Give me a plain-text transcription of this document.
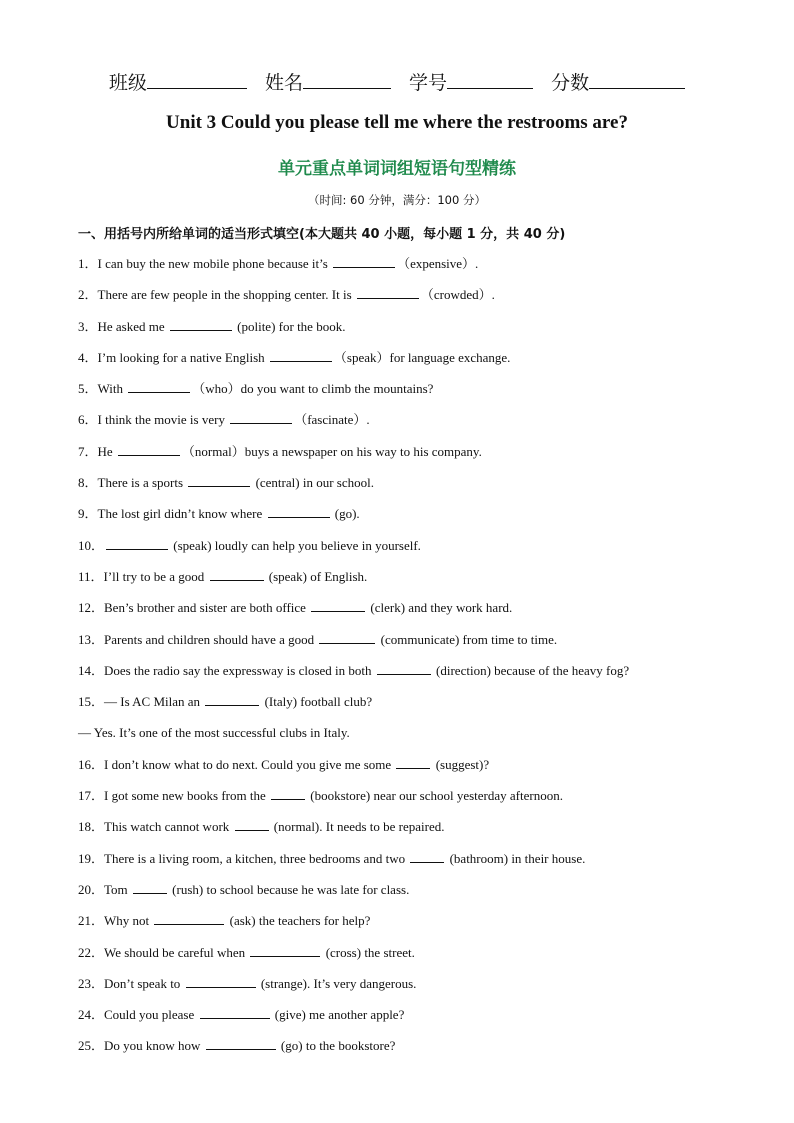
班级	姓名	学号	分数
Unit 3 Could you please tell me where the restrooms are?
单元重点单词词组短语句型精练
（时间: 60 分钟，满分：100 分）
一、用括号内所给单词的适当形式填空(本大题共 40 小题，每小题 1 分，共 40 分)
1．I can buy the new mobile phone because it’s	（expensive）.
2．There are few people in the shopping center. It is	（crowded）.
3．He asked me	(polite) for the book.
4．I’m looking for a native English	（speak）for language exchange.
5．With	（who）do you want to climb the mountains?
6．I think the movie is very	（fascinate）.
7．He	（normal）buys a newspaper on his way to his company.
8．There is a sports	(central) in our school.
9．The lost girl didn’t know where	(go).
10．	(speak) loudly can help you believe in yourself.
11．I’ll try to be a good	(speak) of English.
12．Ben’s brother and sister are both office	(clerk) and they work hard.
13．Parents and children should have a good	(communicate) from time to time.
14．Does the radio say the expressway is closed in both	(direction) because of the heavy fog?
15．— Is AC Milan an	(Italy) football club?
— Yes. It’s one of the most successful clubs in Italy.
16．I don’t know what to do next. Could you give me some	(suggest)?
17．I got some new books from the	(bookstore) near our school yesterday afternoon.
18．This watch cannot work	(normal). It needs to be repaired.
19．There is a living room, a kitchen, three bedrooms and two	(bathroom) in their house.
20．Tom	(rush) to school because he was late for class.
21．Why not	(ask) the teachers for help?
22．We should be careful when	(cross) the street.
23．Don’t speak to	(strange). It’s very dangerous.
24．Could you please	(give) me another apple?
25．Do you know how	(go) to the bookstore?
